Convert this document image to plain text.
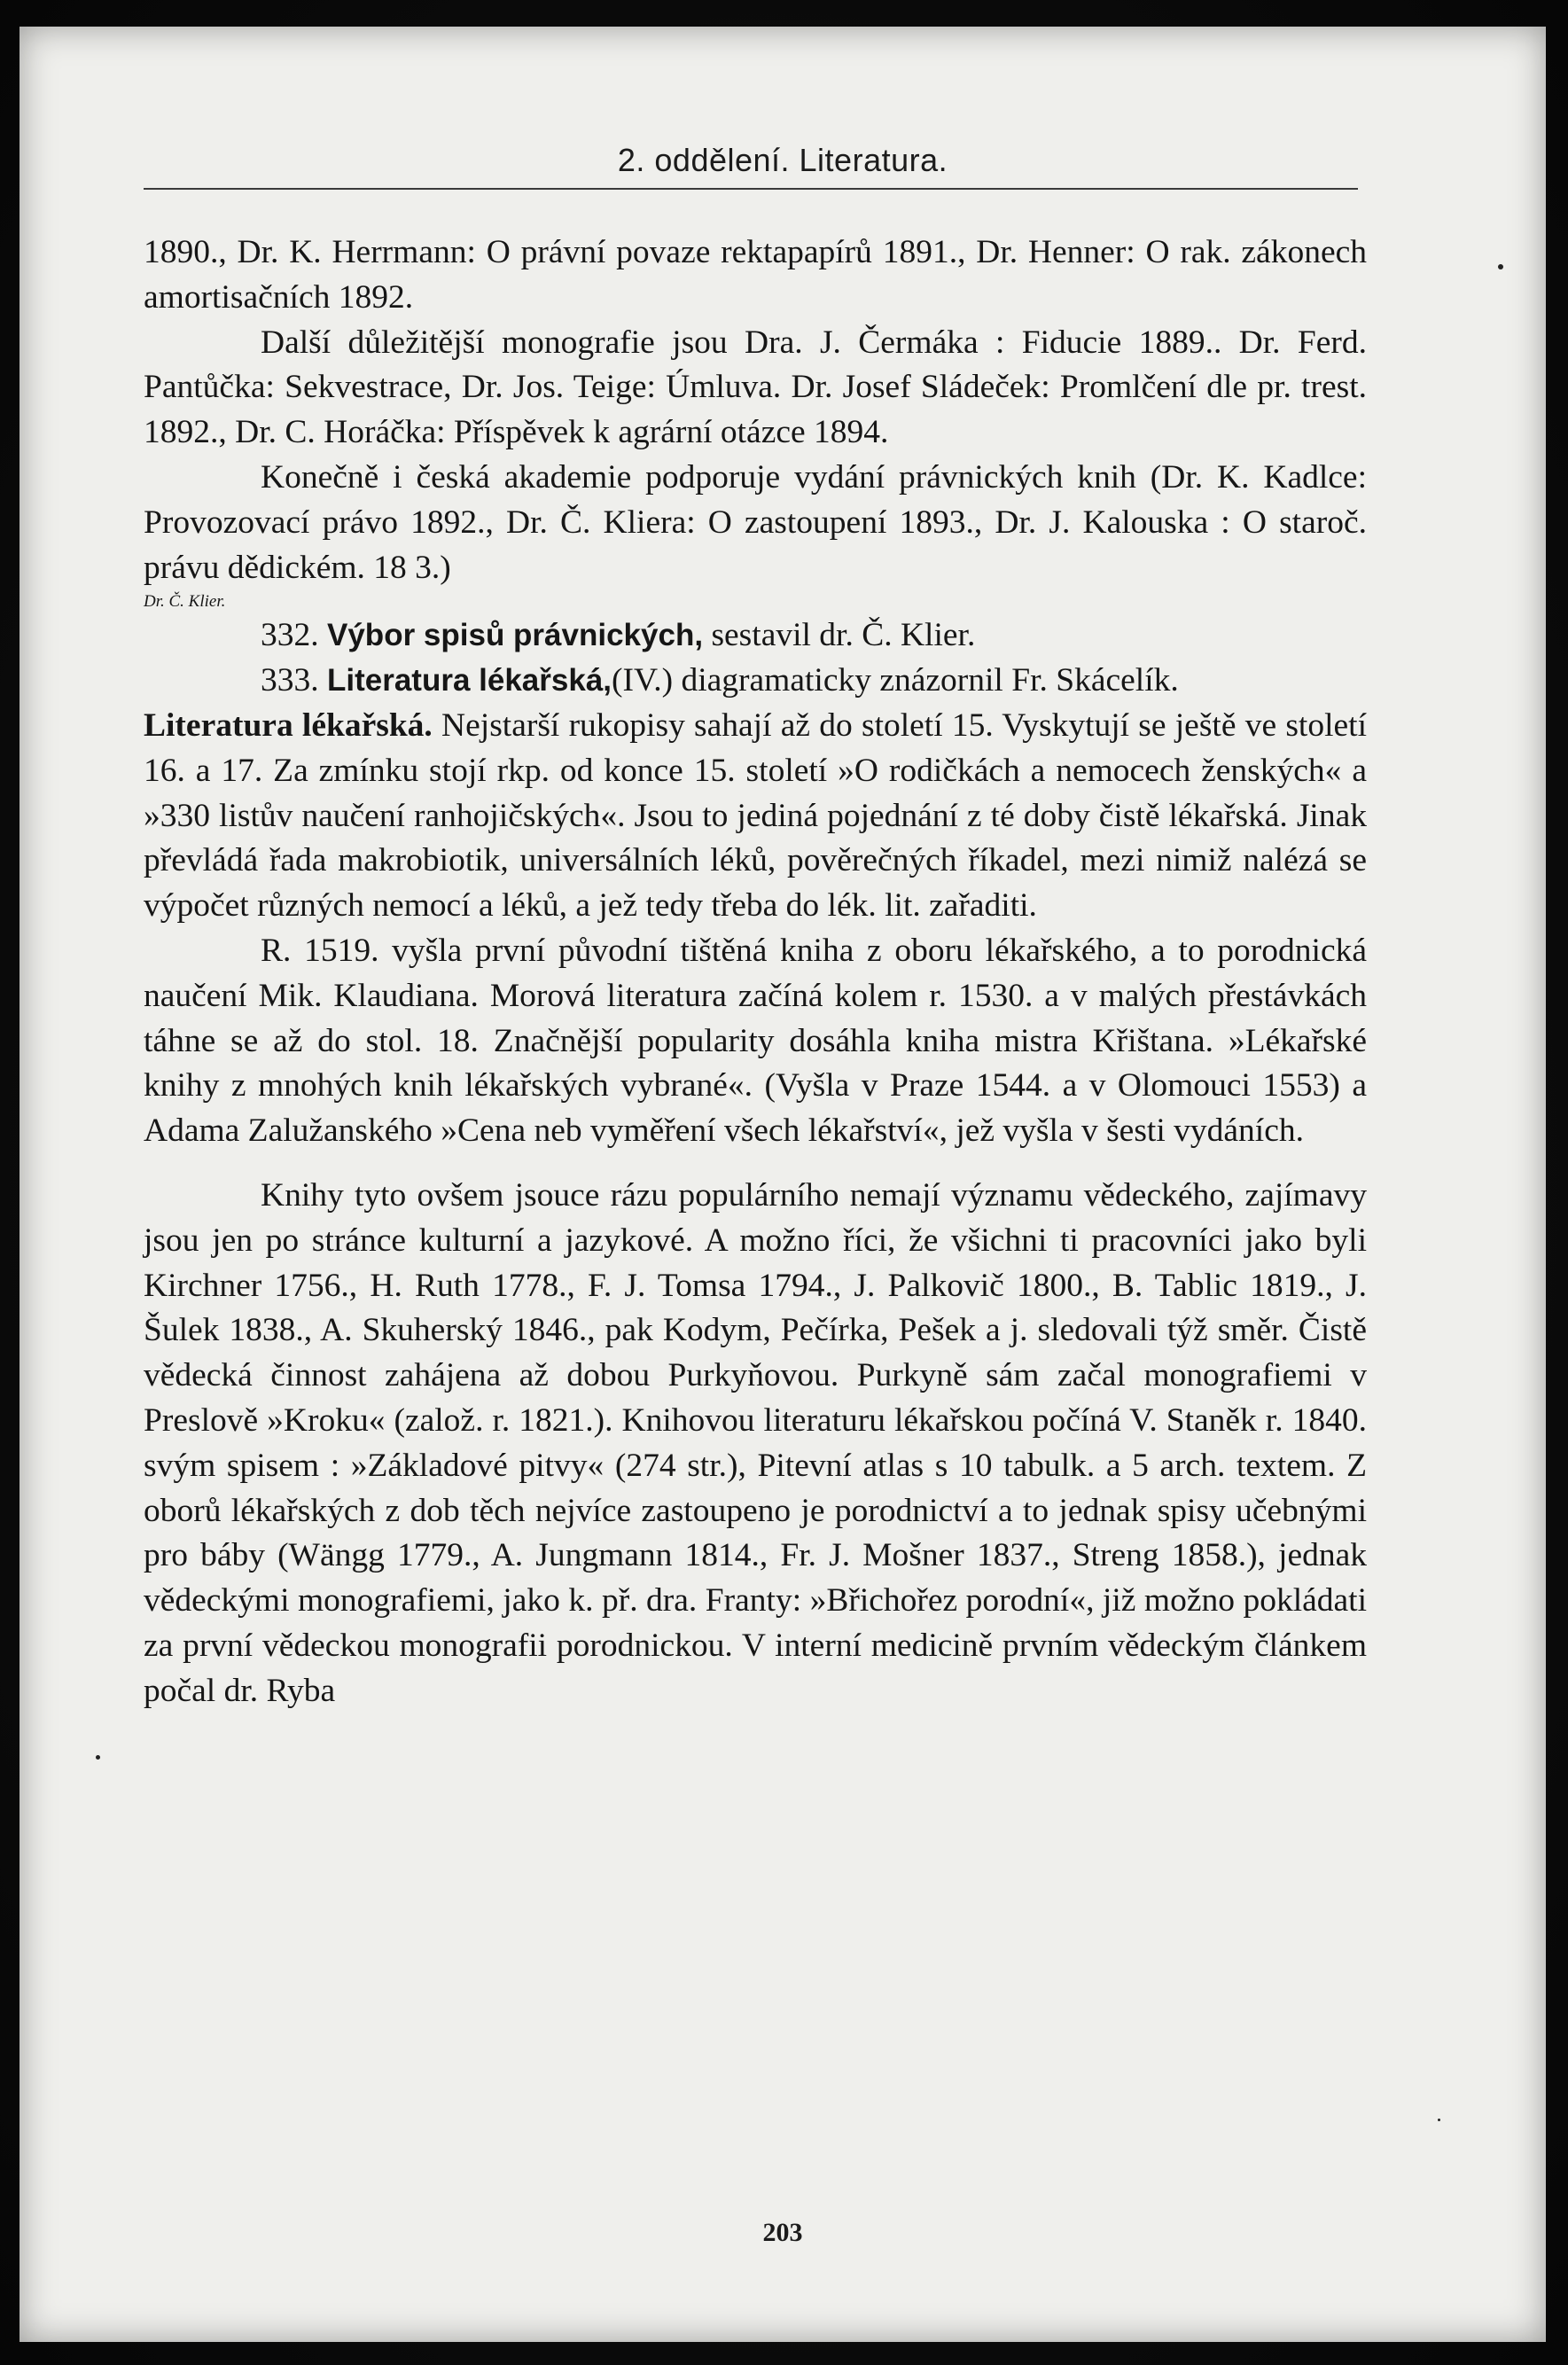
2. oddělení. Literatura.

1890., Dr. K. Herrmann: O právní povaze rektapapírů 1891., Dr. Henner: O rak. zákonech amortisačních 1892.

Další důležitější monografie jsou Dra. J. Čermáka : Fiducie 1889.. Dr. Ferd. Pantůčka: Sekvestrace, Dr. Jos. Teige: Úmluva. Dr. Josef Sládeček: Promlčení dle pr. trest. 1892., Dr. C. Horáčka: Příspěvek k agrární otázce 1894.

Konečně i česká akademie podporuje vydání právnických knih (Dr. K. Kadlce: Provozovací právo 1892., Dr. Č. Kliera: O zastoupení 1893., Dr. J. Kalouska : O staroč. právu dědickém. 18 3.)

Dr. Č. Klier.

332. Výbor spisů právnických, sestavil dr. Č. Klier.

333. Literatura lékařská,(IV.) diagramaticky znázornil Fr. Skácelík.

Literatura lékařská. Nejstarší rukopisy sahají až do století 15. Vyskytují se ještě ve století 16. a 17. Za zmínku stojí rkp. od konce 15. století »O rodičkách a nemocech ženských« a »330 listův naučení ranhojičských«. Jsou to jediná pojednání z té doby čistě lékařská. Jinak převládá řada makrobiotik, universálních léků, pověrečných říkadel, mezi nimiž nalézá se výpočet různých nemocí a léků, a jež tedy třeba do lék. lit. zařaditi.

R. 1519. vyšla první původní tištěná kniha z oboru lékařského, a to porodnická naučení Mik. Klaudiana. Morová literatura začíná kolem r. 1530. a v malých přestávkách táhne se až do stol. 18. Značnější popularity dosáhla kniha mistra Křištana. »Lékařské knihy z mnohých knih lékařských vybrané«. (Vyšla v Praze 1544. a v Olomouci 1553) a Adama Zalužanského »Cena neb vyměření všech lékařství«, jež vyšla v šesti vydáních.

Knihy tyto ovšem jsouce rázu populárního nemají významu vědeckého, zajímavy jsou jen po stránce kulturní a jazykové. A možno říci, že všichni ti pracovníci jako byli Kirchner 1756., H. Ruth 1778., F. J. Tomsa 1794., J. Palkovič 1800., B. Tablic 1819., J. Šulek 1838., A. Skuherský 1846., pak Kodym, Pečírka, Pešek a j. sledovali týž směr. Čistě vědecká činnost zahájena až dobou Purkyňovou. Purkyně sám začal monografiemi v Preslově »Kroku« (založ. r. 1821.). Knihovou literaturu lékařskou počíná V. Staněk r. 1840. svým spisem : »Základové pitvy« (274 str.), Pitevní atlas s 10 tabulk. a 5 arch. textem. Z oborů lékařských z dob těch nejvíce zastoupeno je porodnictví a to jednak spisy učebnými pro báby (Wängg 1779., A. Jungmann 1814., Fr. J. Mošner 1837., Streng 1858.), jednak vědeckými monografiemi, jako k. př. dra. Franty: »Břichořez porodní«, již možno pokládati za první vědeckou monografii porodnickou. V interní medicině prvním vědeckým článkem počal dr. Ryba

203
